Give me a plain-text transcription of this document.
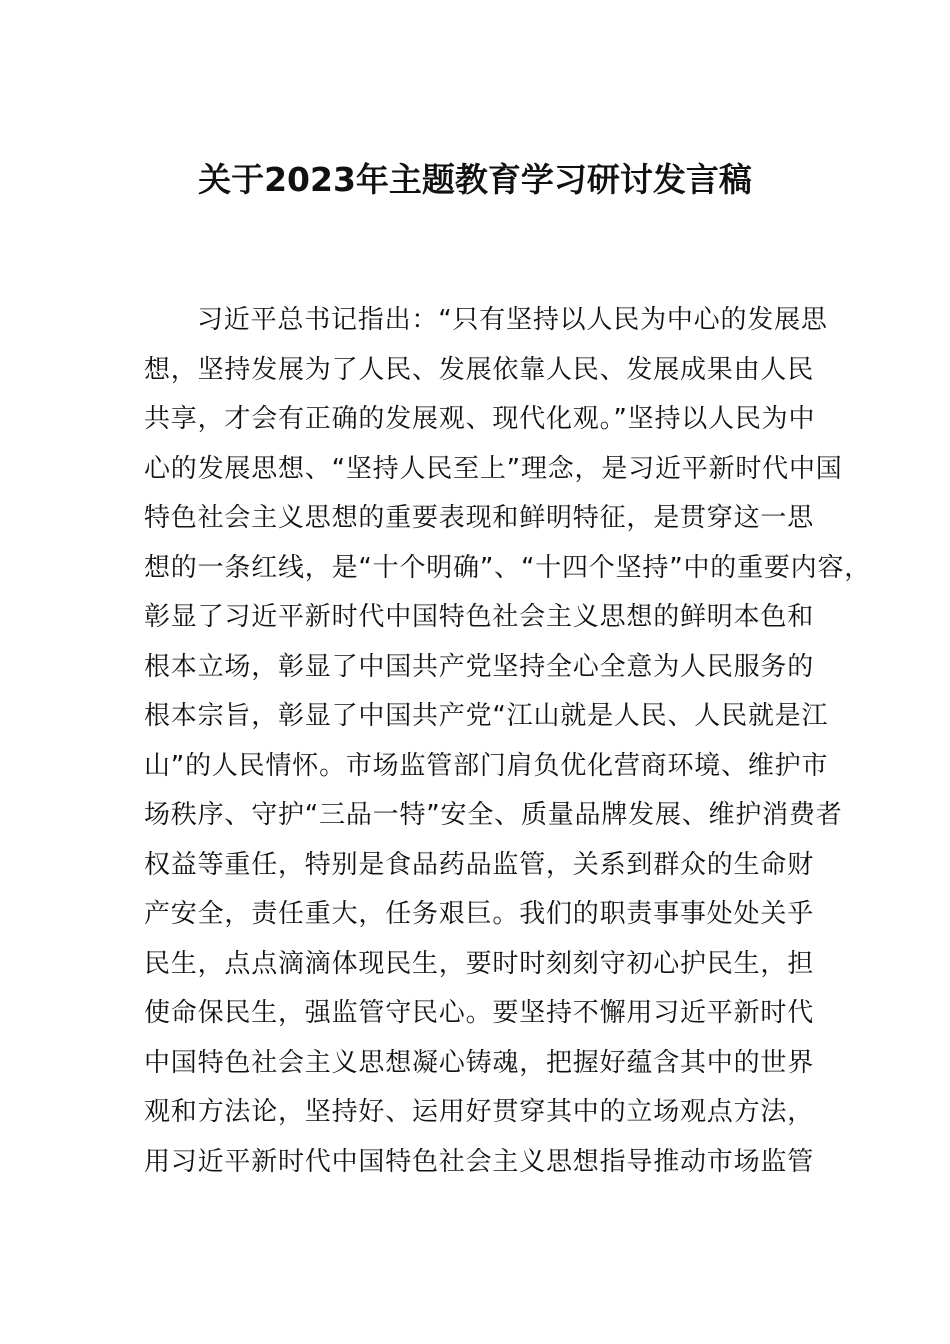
关于2023年主题教育学习研讨发言稿
习近平总书记指出：“只有坚持以人民为中心的发展思
想，坚持发展为了人民、发展依靠人民、发展成果由人民
共享，才会有正确的发展观、现代化观。”坚持以人民为中
心的发展思想、“坚持人民至上”理念，是习近平新时代中国
特色社会主义思想的重要表现和鲜明特征，是贯穿这一思
想的一条红线，是“十个明确”、“十四个坚持”中的重要内容，
彰显了习近平新时代中国特色社会主义思想的鲜明本色和
根本立场，彰显了中国共产党坚持全心全意为人民服务的
根本宗旨，彰显了中国共产党“江山就是人民、人民就是江
山”的人民情怀。市场监管部门肩负优化营商环境、维护市
场秩序、守护“三品一特”安全、质量品牌发展、维护消费者
权益等重任，特别是食品药品监管，关系到群众的生命财
产安全，责任重大，任务艰巨。我们的职责事事处处关乎
民生，点点滴滴体现民生，要时时刻刻守初心护民生，担
使命保民生，强监管守民心。要坚持不懈用习近平新时代
中国特色社会主义思想凝心铸魂，把握好蕴含其中的世界
观和方法论，坚持好、运用好贯穿其中的立场观点方法，
用习近平新时代中国特色社会主义思想指导推动市场监管
